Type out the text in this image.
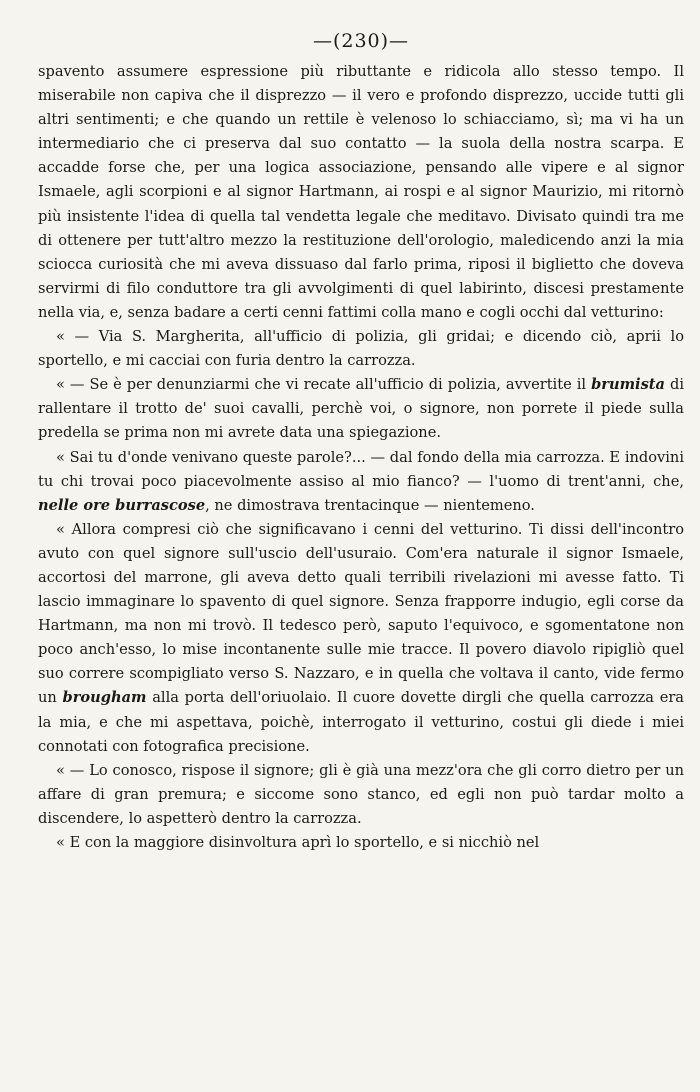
—(230)—

spavento assumere espressione più ributtante e ridicola allo stesso tempo. Il miserabile non capiva che il disprezzo — il vero e profondo disprezzo, uccide tutti gli altri sentimenti; e che quando un rettile è velenoso lo schiacciamo, sì; ma vi ha un intermediario che ci preserva dal suo contatto — la suola della nostra scarpa. E accadde forse che, per una logica associazione, pensando alle vipere e al signor Ismaele, agli scorpioni e al signor Hartmann, ai rospi e al signor Maurizio, mi ritornò più insistente l'idea di quella tal vendetta legale che meditavo. Divisato quindi tra me di ottenere per tutt'altro mezzo la restituzione dell'orologio, maledicendo anzi la mia sciocca curiosità che mi aveva dissuaso dal farlo prima, riposi il biglietto che doveva servirmi di filo conduttore tra gli avvolgimenti di quel labirinto, discesi prestamente nella via, e, senza badare a certi cenni fattimi colla mano e cogli occhi dal vetturino:

« — Via S. Margherita, all'ufficio di polizia, gli gridai; e dicendo ciò, aprii lo sportello, e mi cacciai con furia dentro la carrozza.

« — Se è per denunziarmi che vi recate all'ufficio di polizia, avvertite il brumista di rallentare il trotto de' suoi cavalli, perchè voi, o signore, non porrete il piede sulla predella se prima non mi avrete data una spiegazione.

« Sai tu d'onde venivano queste parole?... — dal fondo della mia carrozza. E indovini tu chi trovai poco piacevolmente assiso al mio fianco? — l'uomo di trent'anni, che, nelle ore burrascose, ne dimostrava trentacinque — nientemeno.

« Allora compresi ciò che significavano i cenni del vetturino. Ti dissi dell'incontro avuto con quel signore sull'uscio dell'usuraio. Com'era naturale il signor Ismaele, accortosi del marrone, gli aveva detto quali terribili rivelazioni mi avesse fatto. Ti lascio immaginare lo spavento di quel signore. Senza frapporre indugio, egli corse da Hartmann, ma non mi trovò. Il tedesco però, saputo l'equivoco, e sgomentatone non poco anch'esso, lo mise incontanente sulle mie tracce. Il povero diavolo ripigliò quel suo correre scompigliato verso S. Nazzaro, e in quella che voltava il canto, vide fermo un brougham alla porta dell'oriuolaio. Il cuore dovette dirgli che quella carrozza era la mia, e che mi aspettava, poichè, interrogato il vetturino, costui gli diede i miei connotati con fotografica precisione.

« — Lo conosco, rispose il signore; gli è già una mezz'ora che gli corro dietro per un affare di gran premura; e siccome sono stanco, ed egli non può tardar molto a discendere, lo aspetterò dentro la carrozza.

« E con la maggiore disinvoltura aprì lo sportello, e si nicchiò nel
